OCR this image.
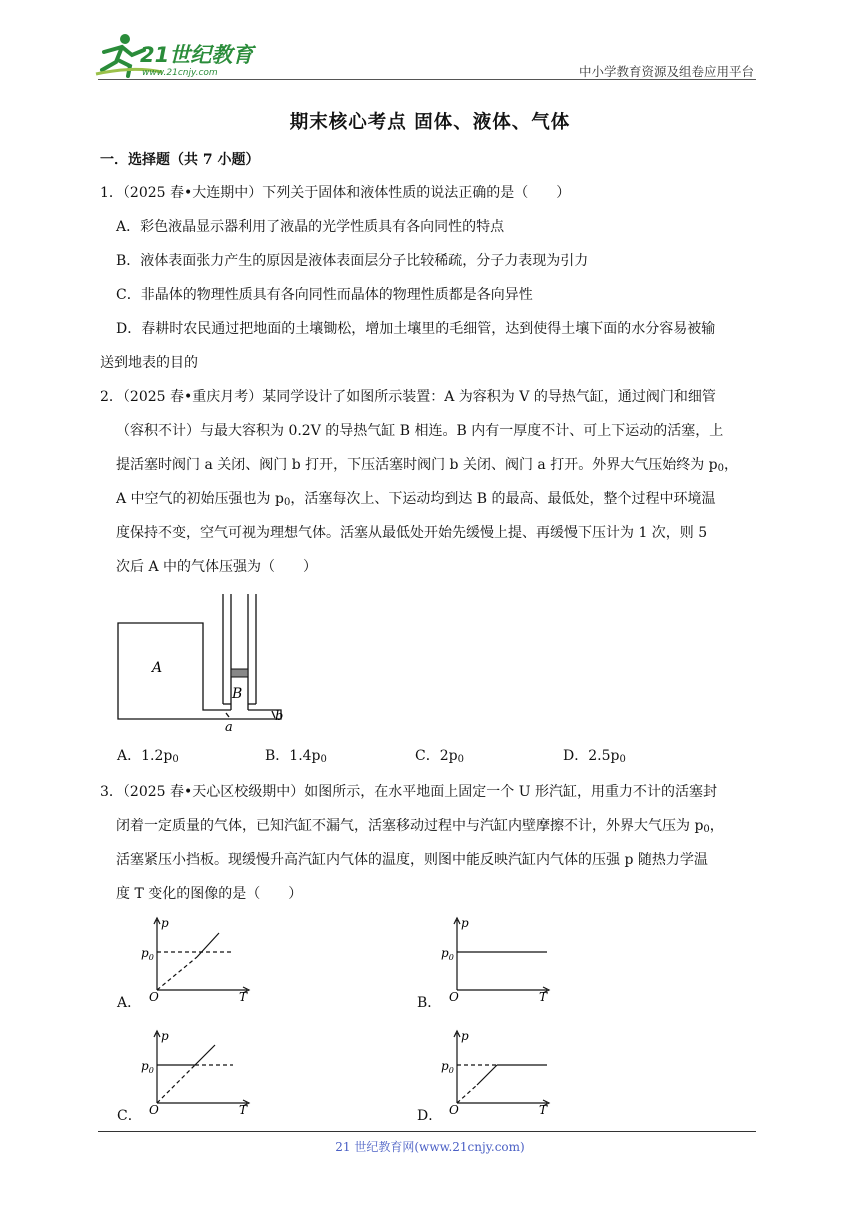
21世纪教育
www.21cnjy.com	中小学教育资源及组卷应用平台
期末核心考点 固体、液体、气体
一．选择题（共 7 小题）
1．（2025 春•大连期中）下列关于固体和液体性质的说法正确的是（　　）
A．彩色液晶显示器利用了液晶的光学性质具有各向同性的特点
B．液体表面张力产生的原因是液体表面层分子比较稀疏，分子力表现为引力
C．非晶体的物理性质具有各向同性而晶体的物理性质都是各向异性
D．春耕时农民通过把地面的土壤锄松，增加土壤里的毛细管，达到使得土壤下面的水分容易被输
送到地表的目的
2．（2025 春•重庆月考）某同学设计了如图所示装置：A 为容积为 V 的导热气缸，通过阀门和细管
（容积不计）与最大容积为 0.2V 的导热气缸 B 相连。B 内有一厚度不计、可上下运动的活塞，上
提活塞时阀门 a 关闭、阀门 b 打开，下压活塞时阀门 b 关闭、阀门 a 打开。外界大气压始终为 $p_0$，
A 中空气的初始压强也为 $p_0$，活塞每次上、下运动均到达 B 的最高、最低处，整个过程中环境温
度保持不变，空气可视为理想气体。活塞从最低处开始先缓慢上提、再缓慢下压计为 1 次，则 5
次后 A 中的气体压强为（　　）
A
B
a
b
A．$1.2p_0$	B．$1.4p_0$	C．$2p_0$	D．$2.5p_0$
3．（2025 春•天心区校级期中）如图所示，在水平地面上固定一个 U 形汽缸，用重力不计的活塞封
闭着一定质量的气体，已知汽缸不漏气，活塞移动过程中与汽缸内壁摩擦不计，外界大气压为 $p_0$，
活塞紧压小挡板。现缓慢升高汽缸内气体的温度，则图中能反映汽缸内气体的压强 p 随热力学温
度 T 变化的图像的是（　　）
A．
p
$p_0$
O	T	B．
p
$p_0$
O	T
C．
p
$p_0$
O	T	D．
p
$p_0$
O	T
21 世纪教育网(www.21cnjy.com)
